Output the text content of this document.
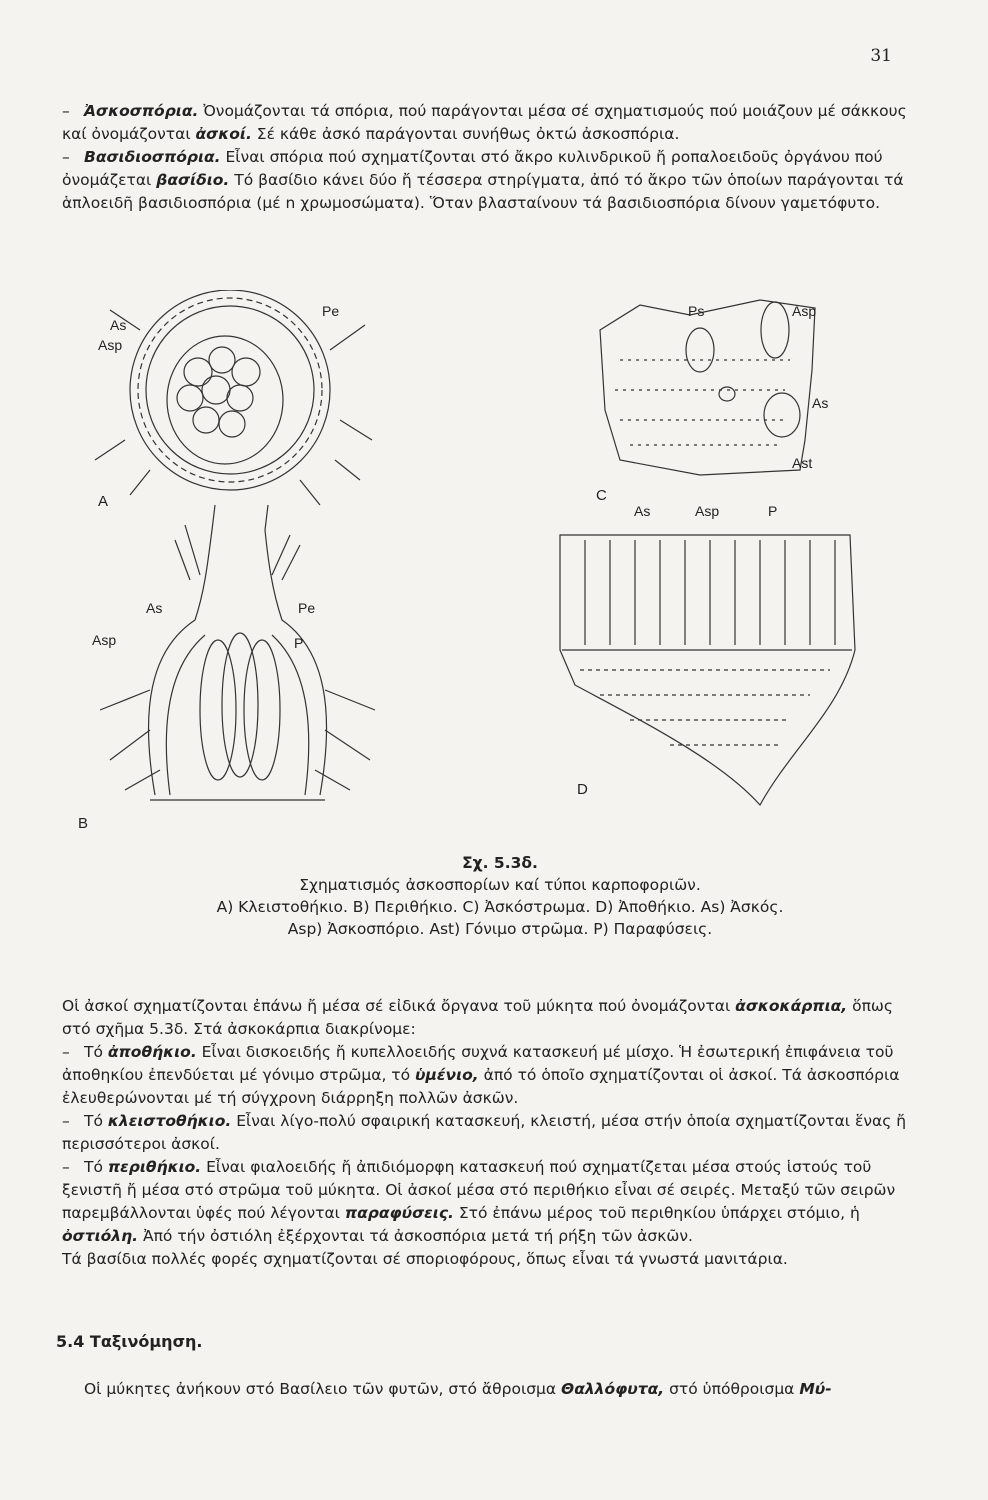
31

– Ἀσκοσπόρια. Ὀνομάζονται τά σπόρια, πού παράγονται μέσα σέ σχηματισμούς πού μοιάζουν μέ σάκκους καί ὀνομάζονται ἀσκοί. Σέ κάθε ἀσκό παράγονται συνήθως ὀκτώ ἀσκοσπόρια.

– Βασιδιοσπόρια. Εἶναι σπόρια πού σχηματίζονται στό ἄκρο κυλινδρικοῦ ἤ ροπαλοειδοῦς ὀργάνου πού ὀνομάζεται βασίδιο. Τό βασίδιο κάνει δύο ἤ τέσσερα στηρίγματα, ἀπό τό ἄκρο τῶν ὁποίων παράγονται τά ἁπλοειδῆ βασιδιοσπόρια (μέ n χρωμοσώματα). Ὅταν βλασταίνουν τά βασιδιοσπόρια δίνουν γαμετόφυτο.

As
Asp
Pe
A
Ps	Asp
As
Ast
C
As
Asp
Pe
P
B
As	Asp	P
D
Σχ. 5.3δ.
Σχηματισμός ἀσκοσπορίων καί τύποι καρποφοριῶν.
A) Κλειστοθήκιο. B) Περιθήκιο. C) Ἀσκόστρωμα. D) Ἀποθήκιο. As) Ἀσκός.
Asp) Ἀσκοσπόριο. Ast) Γόνιμο στρῶμα. P) Παραφύσεις.

Οἱ ἀσκοί σχηματίζονται ἐπάνω ἤ μέσα σέ εἰδικά ὄργανα τοῦ μύκητα πού ὀνομάζονται ἀσκοκάρπια, ὅπως στό σχῆμα 5.3δ. Στά ἀσκοκάρπια διακρίνομε:

– Τό ἀποθήκιο. Εἶναι δισκοειδής ἤ κυπελλοειδής συχνά κατασκευή μέ μίσχο. Ἡ ἐσωτερική ἐπιφάνεια τοῦ ἀποθηκίου ἐπενδύεται μέ γόνιμο στρῶμα, τό ὑμένιο, ἀπό τό ὁποῖο σχηματίζονται οἱ ἀσκοί. Τά ἀσκοσπόρια ἐλευθερώνονται μέ τή σύγχρονη διάρρηξη πολλῶν ἀσκῶν.

– Τό κλειστοθήκιο. Εἶναι λίγο-πολύ σφαιρική κατασκευή, κλειστή, μέσα στήν ὁποία σχηματίζονται ἕνας ἤ περισσότεροι ἀσκοί.

– Τό περιθήκιο. Εἶναι φιαλοειδής ἤ ἀπιδιόμορφη κατασκευή πού σχηματίζεται μέσα στούς ἱστούς τοῦ ξενιστῆ ἤ μέσα στό στρῶμα τοῦ μύκητα. Οἱ ἀσκοί μέσα στό περιθήκιο εἶναι σέ σειρές. Μεταξύ τῶν σειρῶν παρεμβάλλονται ὑφές πού λέγονται παραφύσεις. Στό ἐπάνω μέρος τοῦ περιθηκίου ὑπάρχει στόμιο, ἡ ὀστιόλη. Ἀπό τήν ὀστιόλη ἐξέρχονται τά ἀσκοσπόρια μετά τή ρήξη τῶν ἀσκῶν.

Τά βασίδια πολλές φορές σχηματίζονται σέ σποριοφόρους, ὅπως εἶναι τά γνωστά μανιτάρια.

5.4 Ταξινόμηση.

Οἱ μύκητες ἀνήκουν στό Βασίλειο τῶν φυτῶν, στό ἄθροισμα Θαλλόφυτα, στό ὑπόθροισμα Μύ-
